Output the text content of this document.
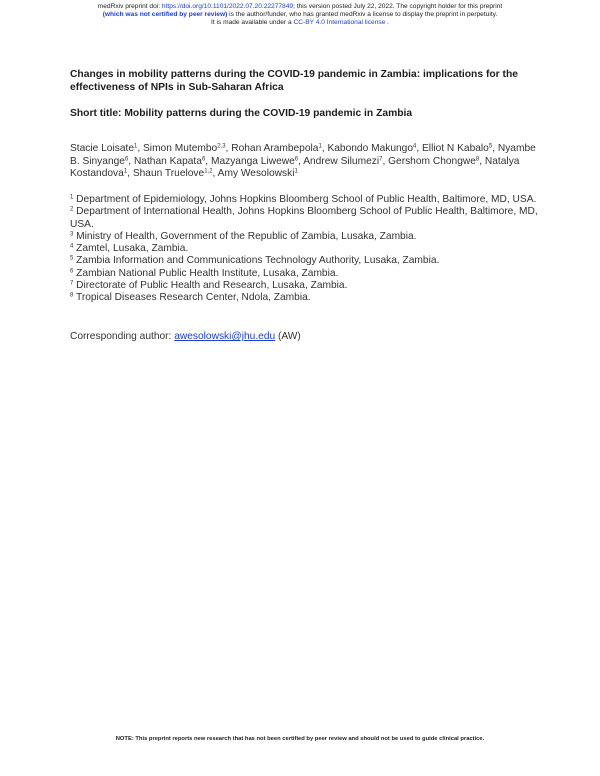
medRxiv preprint doi: https://doi.org/10.1101/2022.07.20.22277849; this version posted July 22, 2022. The copyright holder for this preprint
(which was not certified by peer review) is the author/funder, who has granted medRxiv a license to display the preprint in perpetuity.
It is made available under a CC-BY 4.0 International license .
Changes in mobility patterns during the COVID-19 pandemic in Zambia: implications for the effectiveness of NPIs in Sub-Saharan Africa
Short title: Mobility patterns during the COVID-19 pandemic in Zambia
Stacie Loisate$^1$, Simon Mutembo$^{2,3}$, Rohan Arambepola$^1$, Kabondo Makungo$^4$, Elliot N Kabalo$^5$, Nyambe B. Sinyange$^6$, Nathan Kapata$^6$, Mazyanga Liwewe$^6$, Andrew Silumezi$^7$, Gershom Chongwe$^8$, Natalya Kostandova$^1$, Shaun Truelove$^{1,2}$, Amy Wesolowski$^1$
$^1$ Department of Epidemiology, Johns Hopkins Bloomberg School of Public Health, Baltimore, MD, USA.
$^2$ Department of International Health, Johns Hopkins Bloomberg School of Public Health, Baltimore, MD, USA.
$^3$ Ministry of Health, Government of the Republic of Zambia, Lusaka, Zambia.
$^4$ Zamtel, Lusaka, Zambia.
$^5$ Zambia Information and Communications Technology Authority, Lusaka, Zambia.
$^6$ Zambian National Public Health Institute, Lusaka, Zambia.
$^7$ Directorate of Public Health and Research, Lusaka, Zambia.
$^8$ Tropical Diseases Research Center, Ndola, Zambia.
Corresponding author: awesolowski@jhu.edu (AW)
NOTE: This preprint reports new research that has not been certified by peer review and should not be used to guide clinical practice.
